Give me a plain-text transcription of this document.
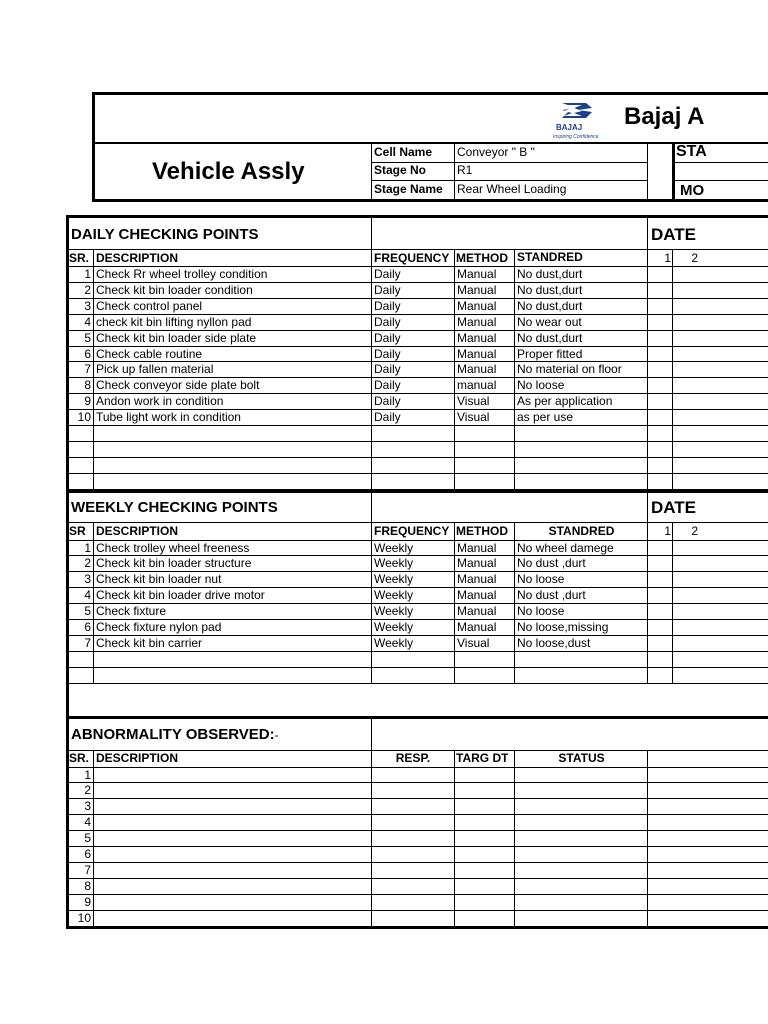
BAJAJ
Inspiring Confidence
Bajaj A
Vehicle Assly
Cell Name Conveyor " B "
Stage No	R1
Stage Name Rear Wheel Loading
STA
MO
DAILY CHECKING POINTS	DATE
SR. DESCRIPTION	FREQUENCY METHOD STANDRED	1	2
1 Check Rr wheel trolley condition	Daily	Manual	No dust,durt
2 Check kit bin loader condition	Daily	Manual	No dust,durt
3 Check control panel	Daily	Manual	No dust,durt
4 check kit bin lifting nyllon pad	Daily	Manual	No wear out
5 Check kit bin loader side plate	Daily	Manual	No dust,durt
6 Check cable routine	Daily	Manual	Proper fitted
7 Pick up fallen material	Daily	Manual	No material on floor
8 Check conveyor side plate bolt	Daily	manual	No loose
9 Andon work in condition	Daily	Visual	As per application
10 Tube light work in condition	Daily	Visual	as per use
WEEKLY CHECKING POINTS	DATE
SR DESCRIPTION	FREQUENCY METHOD	STANDRED	1	2
1 Check trolley wheel freeness	Weekly	Manual	No wheel damege
2 Check kit bin loader structure	Weekly	Manual	No dust ,durt
3 Check kit bin loader nut	Weekly	Manual	No loose
4 Check kit bin loader drive motor	Weekly	Manual	No dust ,durt
5 Check fixture	Weekly	Manual	No loose
6 Check fixture nylon pad	Weekly	Manual	No loose,missing
7 Check kit bin carrier	Weekly	Visual	No loose,dust
ABNORMALITY OBSERVED:-
SR. DESCRIPTION	RESP.	TARG DT	STATUS
1
2
3
4
5
6
7
8
9
10
